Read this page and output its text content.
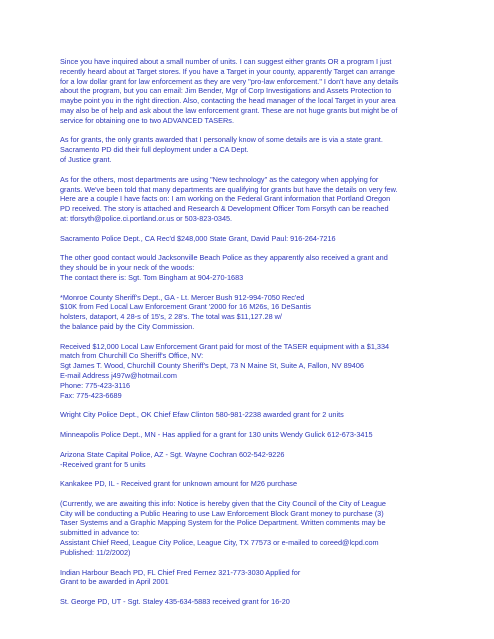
Since you have inquired about a small number of units. I can suggest either grants OR a program I just
recently heard about at Target stores. If you have a Target in your county, apparently Target can arrange
for a low dollar grant for law enforcement as they are very "pro-law enforcement." I don't have any details
about the program, but you can email: Jim Bender, Mgr of Corp Investigations and Assets Protection to
maybe point you in the right direction. Also, contacting the head manager of the local Target in your area
may also be of help and ask about the law enforcement grant. These are not huge grants but might be of
service for obtaining one to two ADVANCED TASERs.
As for grants, the only grants awarded that I personally know of some details are is via a state grant.
Sacramento PD did their full deployment under a CA Dept.
of Justice grant.
As for the others, most departments are using "New technology" as the category when applying for
grants. We've been told that many departments are qualifying for grants but have the details on very few.
Here are a couple I have facts on: I am working on the Federal Grant information that Portland Oregon
PD received. The story is attached and Research & Development Officer Tom Forsyth can be reached
at: tforsyth@police.ci.portland.or.us or 503-823-0345.
Sacramento Police Dept., CA Rec'd $248,000 State Grant, David Paul: 916-264-7216
The other good contact would Jacksonville Beach Police as they apparently also received a grant and
they should be in your neck of the woods:
The contact there is: Sgt. Tom Bingham at 904-270-1683
*Monroe County Sheriff's Dept., GA - Lt. Mercer Bush 912-994-7050 Rec'ed
$10K from Fed Local Law Enforcement Grant '2000 for 16 M26s, 16 DeSantis
holsters, dataport, 4 28-s of 15's, 2 28's. The total was $11,127.28 w/
the balance paid by the City Commission.
Received $12,000 Local Law Enforcement Grant paid for most of the TASER equipment with a $1,334
match from Churchill Co Sheriff's Office, NV:
Sgt James T. Wood, Churchill County Sheriff's Dept, 73 N Maine St, Suite A, Fallon, NV 89406
E-mail Address j497w@hotmail.com
Phone: 775-423-3116
Fax: 775-423-6689
Wright City Police Dept., OK Chief Efaw Clinton 580-981-2238 awarded grant for 2 units
Minneapolis Police Dept., MN - Has applied for a grant for 130 units Wendy Gulick 612-673-3415
Arizona State Capital Police, AZ - Sgt. Wayne Cochran 602-542-9226
-Received grant for 5 units
Kankakee PD, IL - Received grant for unknown amount for M26 purchase
(Currently, we are awaiting this info: Notice is hereby given that the City Council of the City of League
City will be conducting a Public Hearing to use Law Enforcement Block Grant money to purchase (3)
Taser Systems and a Graphic Mapping System for the Police Department. Written comments may be
submitted in advance to:
Assistant Chief Reed, League City Police, League City, TX 77573 or e-mailed to coreed@lcpd.com
Published: 11/2/2002)
Indian Harbour Beach PD, FL Chief Fred Fernez 321-773-3030 Applied for
Grant to be awarded in April 2001
St. George PD, UT - Sgt. Staley 435-634-5883 received grant for 16-20
